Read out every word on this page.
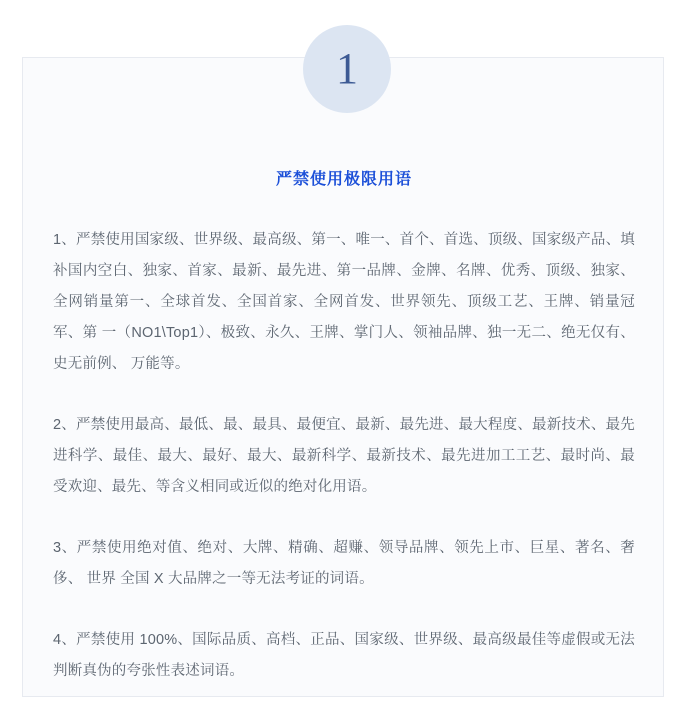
严禁使用极限用语
1、严禁使用国家级、世界级、最高级、第一、唯一、首个、首选、顶级、国家级产品、填补国内空白、独家、首家、最新、最先进、第一品牌、金牌、名牌、优秀、顶级、独家、全网销量第一、全球首发、全国首家、全网首发、世界领先、顶级工艺、王牌、销量冠军、第 一（NO1\Top1）、极致、永久、王牌、掌门人、领袖品牌、独一无二、绝无仅有、史无前例、 万能等。
2、严禁使用最高、最低、最、最具、最便宜、最新、最先进、最大程度、最新技术、最先进科学、最佳、最大、最好、最大、最新科学、最新技术、最先进加工工艺、最时尚、最受欢迎、最先、等含义相同或近似的绝对化用语。
3、严禁使用绝对值、绝对、大牌、精确、超赚、领导品牌、领先上市、巨星、著名、奢侈、 世界 全国 X 大品牌之一等无法考证的词语。
4、严禁使用 100%、国际品质、高档、正品、国家级、世界级、最高级最佳等虚假或无法判断真伪的夸张性表述词语。
1
